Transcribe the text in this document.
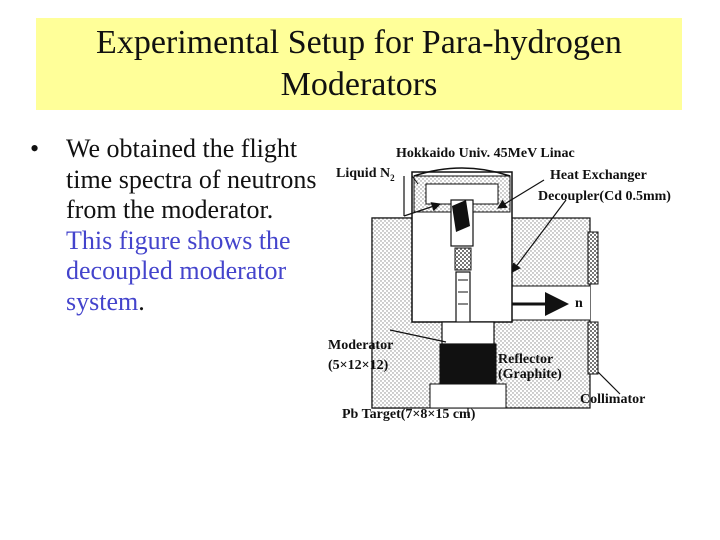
Experimental Setup for Para-hydrogen
Moderators
•	We obtained the flight time spectra of neutrons from the moderator. This figure shows the decoupled moderator system.
Hokkaido Univ. 45MeV Linac
Liquid $N_2$	Heat Exchanger
Decoupler(Cd 0.5mm)
n
Moderator
(5×12×12)	Reflector
(Graphite)
Collimator
Pb Target(7×8×15 cm)
